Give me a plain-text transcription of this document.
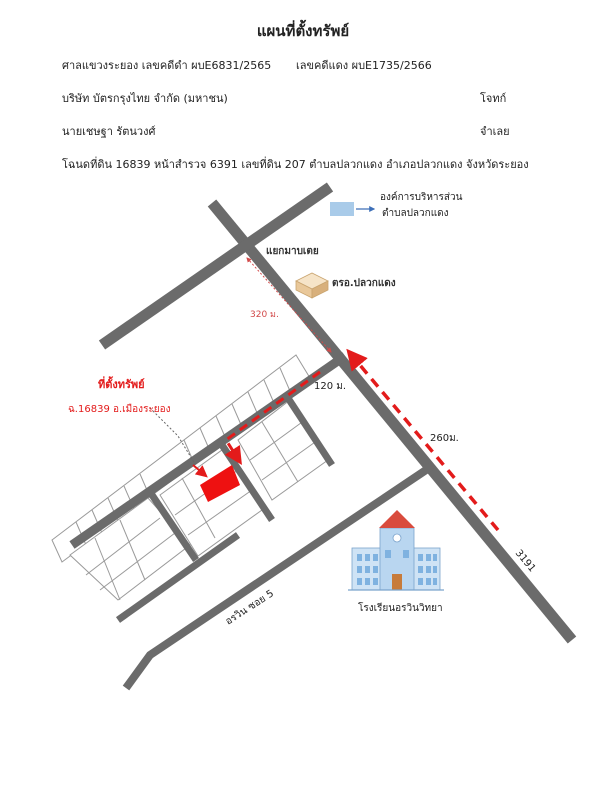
แผนที่ตั้งทรัพย์
ศาลแขวงระยอง เลขคดีดำ ผบE6831/2565 เลขคดีแดง ผบE1735/2566
บริษัท บัตรกรุงไทย จำกัด (มหาชน)	โจทก์
นายเชษฐา รัตนวงศ์	จำเลย
โฉนดที่ดิน 16839 หน้าสำรวจ 6391 เลขที่ดิน 207 ตำบลปลวกแดง อำเภอปลวกแดง จังหวัดระยอง
องค์การบริหารส่วน
ตำบลปลวกแดง
แยกมาบเตย
ตรอ.ปลวกแดง
320 ม.
120 ม.
260ม.
3191
ที่ตั้งทรัพย์
ฉ.16839 อ.เมืองระยอง
โรงเรียนอรวินวิทยา
อรวิน ซอย 5
